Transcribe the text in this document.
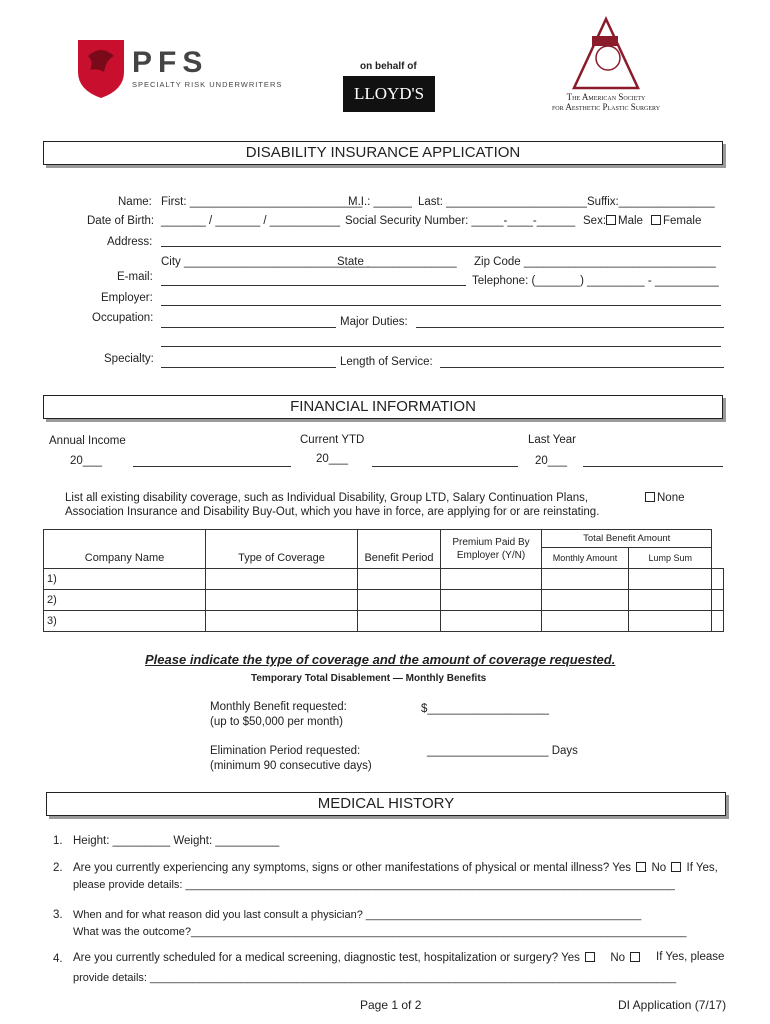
PFS
SPECIALTY RISK UNDERWRITERS
on behalf of
LLOYD'S	The American Society
for Aesthetic Plastic Surgery
DISABILITY INSURANCE APPLICATION
Name: First: ___________________________
M.I.: ______ Last: ______________________ Suffix:_______________
Date of Birth: _______ / _______ / ___________ Social Security Number: _____-____-______ Sex:	Male	Female
Address:
City _____________________________
State ______________ Zip Code ______________________________
E-mail:	Telephone: (_______) _________ - __________
Employer:
Occupation:	Major Duties:
Specialty:	Length of Service:
FINANCIAL INFORMATION
Annual Income	Current YTD	Last Year
20___	20___	20___
List all existing disability coverage, such as Individual Disability, Group LTD, Salary Continuation Plans,
Association Insurance and Disability Buy-Out, which you have in force, are applying for or are reinstating.
None
Company Name	Type of Coverage	Benefit Period	Premium Paid By Employer (Y/N)	Total Benefit Amount		
				Monthly Amount	Lump Sum	
1)						
2)						
3)						
Please indicate the type of coverage and the amount of coverage requested.
Temporary Total Disablement — Monthly Benefits
Monthly Benefit requested:
(up to $50,000 per month)
$___________________
Elimination Period requested:
(minimum 90 consecutive days)
___________________ Days
MEDICAL HISTORY
1. Height: _________ Weight: __________
2. Are you currently experiencing any symptoms, signs or other manifestations of physical or mental illness? Yes No If Yes,
please provide details: ________________________________________________________________________________
3. When and for what reason did you last consult a physician? _____________________________________________
What was the outcome?_________________________________________________________________________________
4. Are you currently scheduled for a medical screening, diagnostic test, hospitalization or surgery? Yes	No	If Yes, please
provide details: ______________________________________________________________________________________
Page 1 of 2	DI Application (7/17)
